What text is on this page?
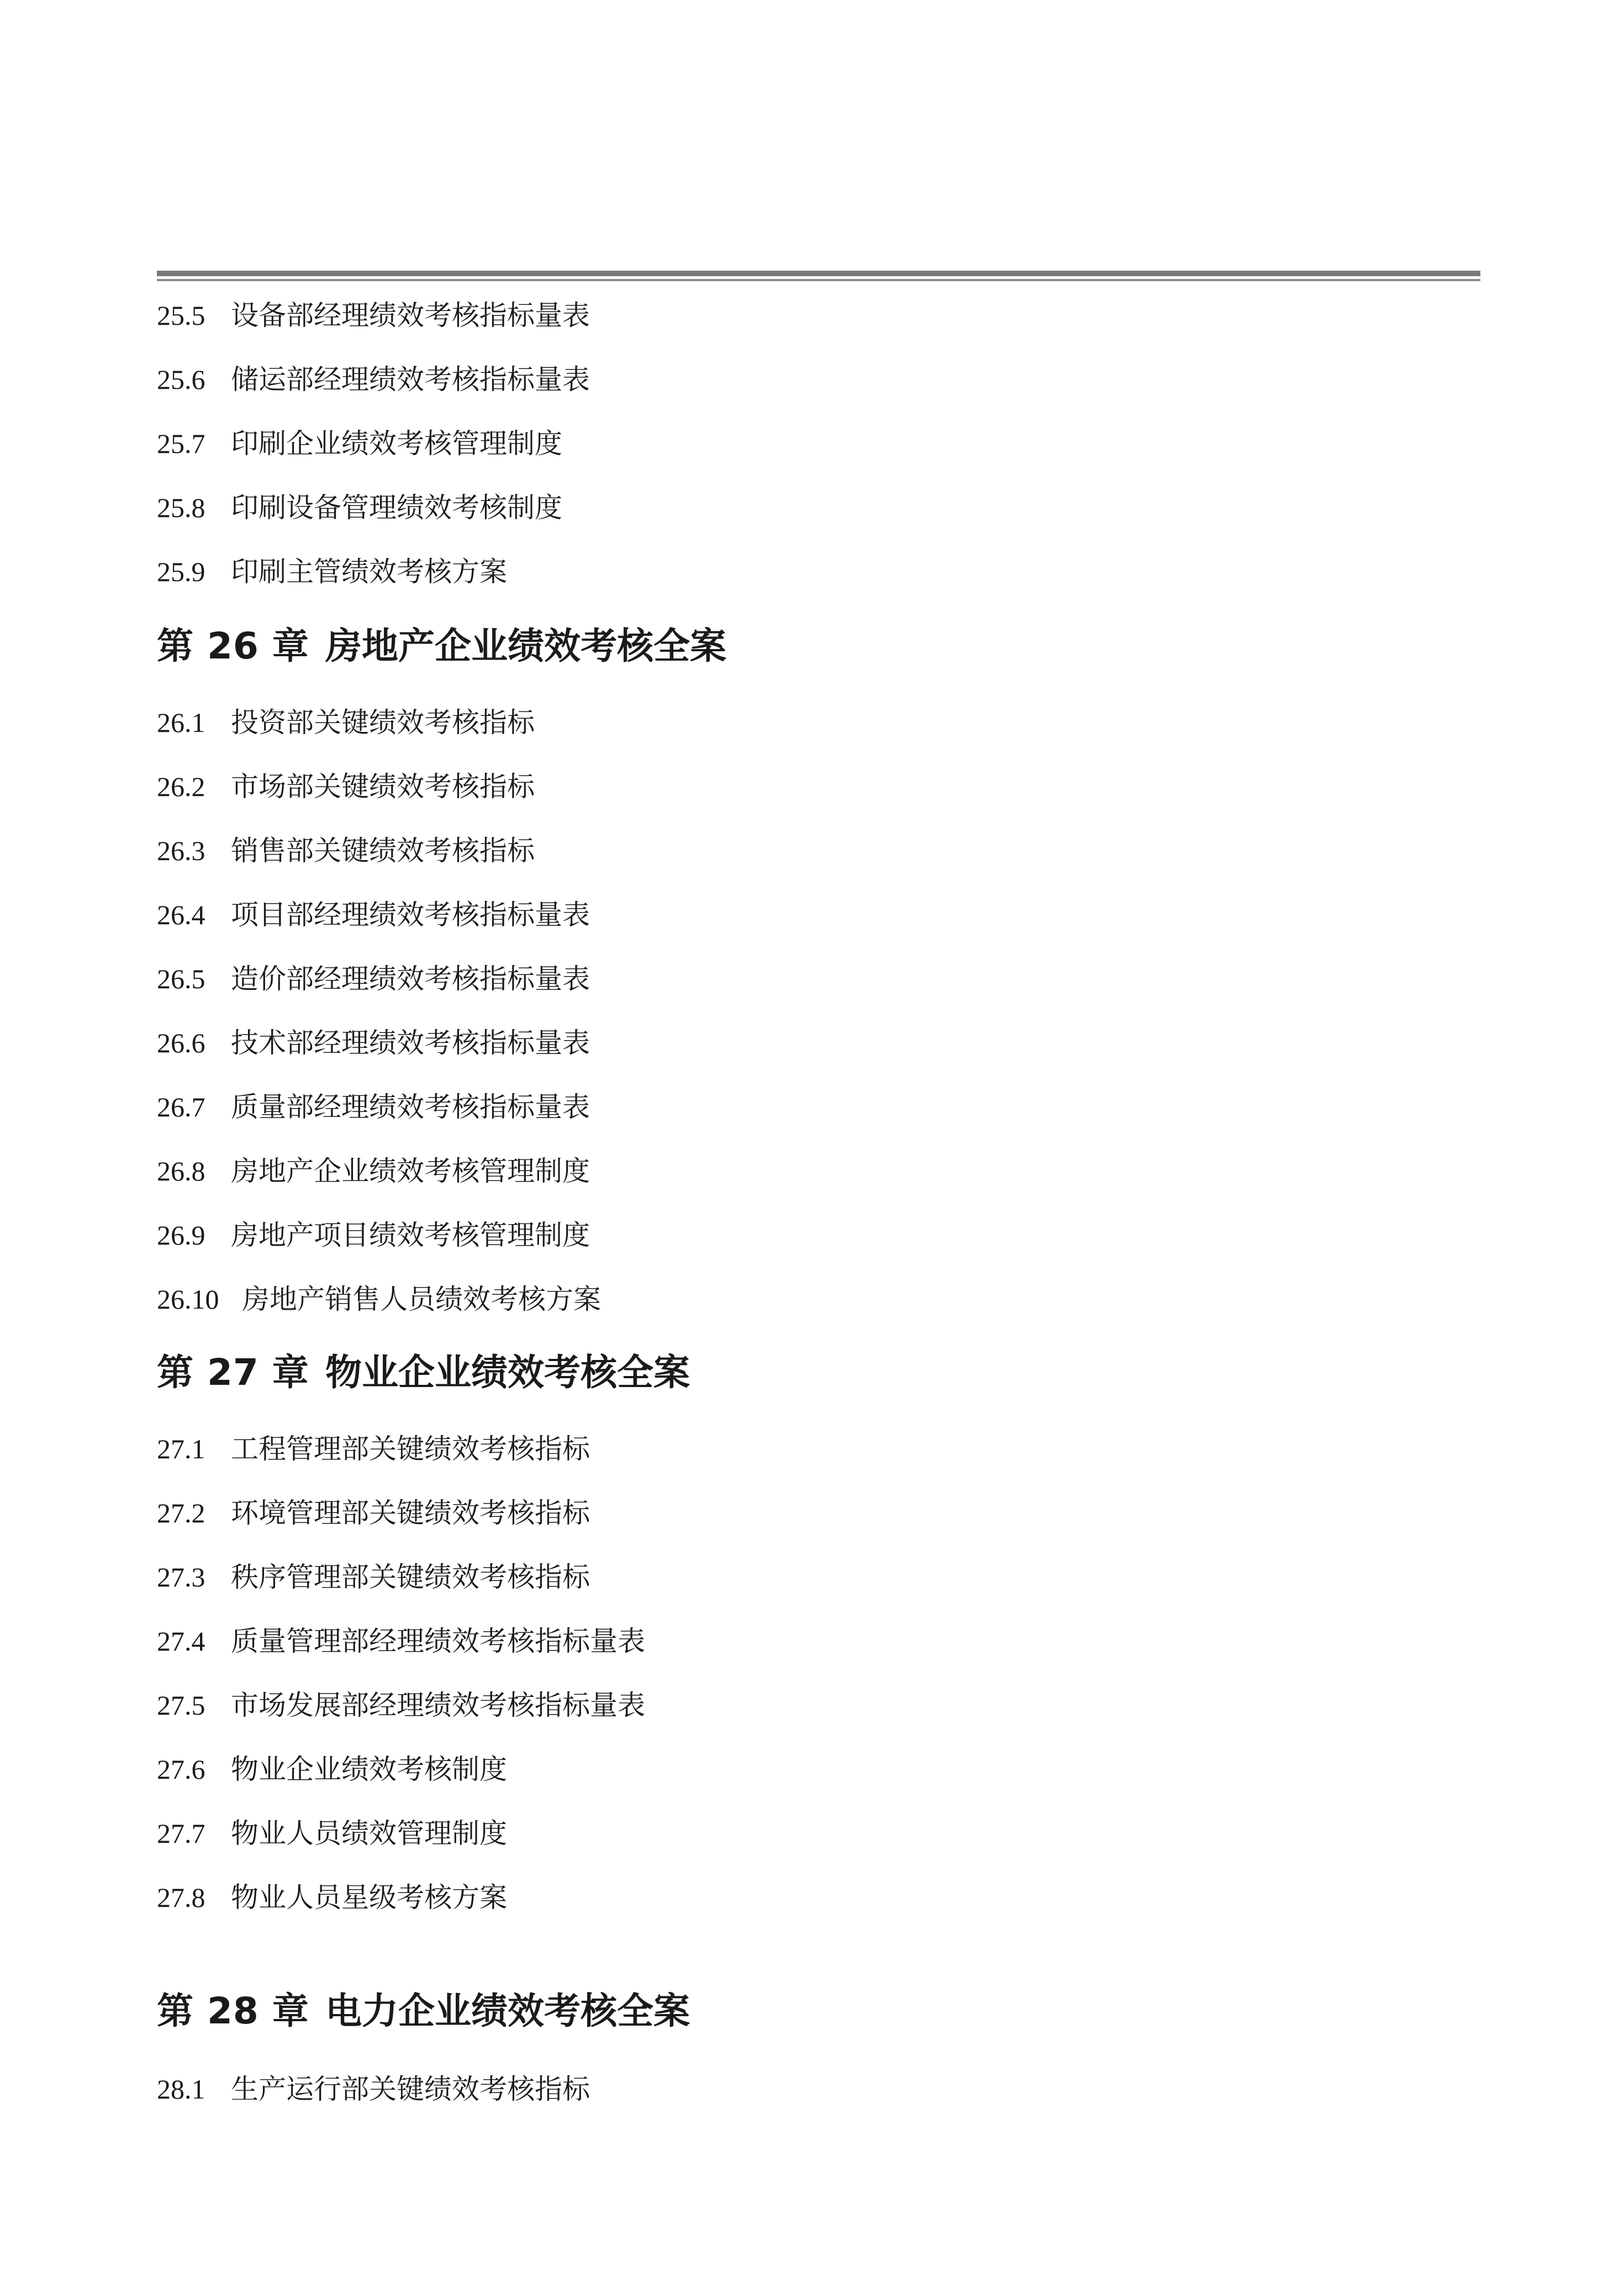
25.5 设备部经理绩效考核指标量表
25.6 储运部经理绩效考核指标量表
25.7 印刷企业绩效考核管理制度
25.8 印刷设备管理绩效考核制度
25.9 印刷主管绩效考核方案
第 26 章 房地产企业绩效考核全案
26.1 投资部关键绩效考核指标
26.2 市场部关键绩效考核指标
26.3 销售部关键绩效考核指标
26.4 项目部经理绩效考核指标量表
26.5 造价部经理绩效考核指标量表
26.6 技术部经理绩效考核指标量表
26.7 质量部经理绩效考核指标量表
26.8 房地产企业绩效考核管理制度
26.9 房地产项目绩效考核管理制度
26.10 房地产销售人员绩效考核方案
第 27 章 物业企业绩效考核全案
27.1 工程管理部关键绩效考核指标
27.2 环境管理部关键绩效考核指标
27.3 秩序管理部关键绩效考核指标
27.4 质量管理部经理绩效考核指标量表
27.5 市场发展部经理绩效考核指标量表
27.6 物业企业绩效考核制度
27.7 物业人员绩效管理制度
27.8 物业人员星级考核方案
第 28 章 电力企业绩效考核全案
28.1 生产运行部关键绩效考核指标
